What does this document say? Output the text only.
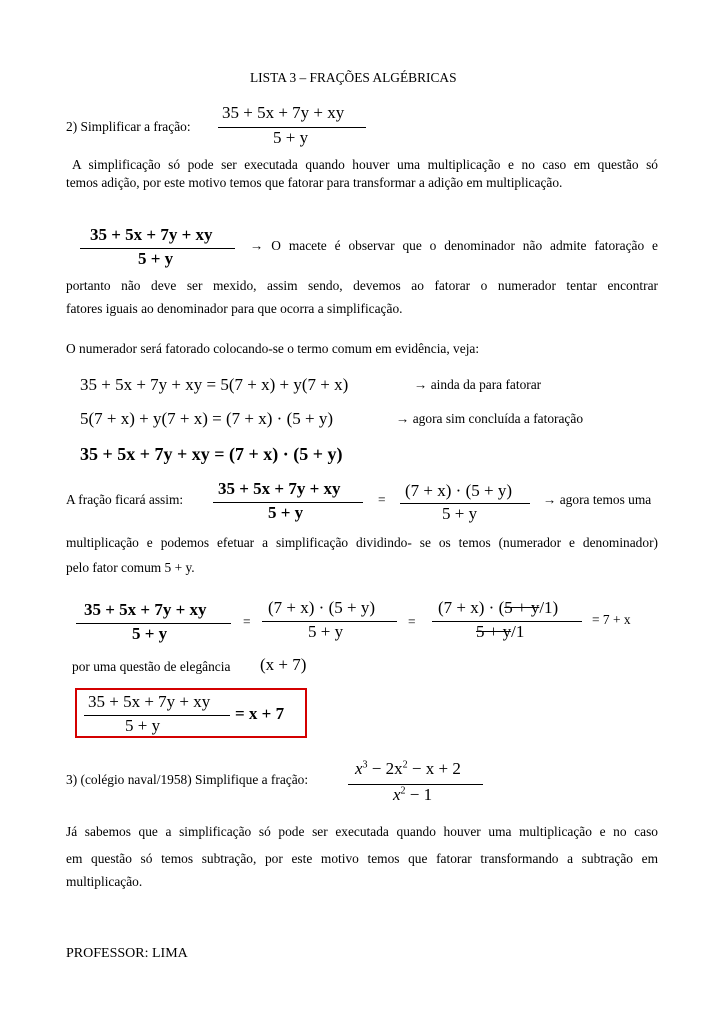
LISTA 3 – FRAÇÕES ALGÉBRICAS
2) Simplificar a fração:
35 + 5x + 7y + xy
5 + y
A simplificação só pode ser executada quando houver uma multiplicação e no caso em questão só
temos adição, por este motivo temos que fatorar para transformar a adição em multiplicação.
35 + 5x + 7y + xy
5 + y
→ O macete é observar que o denominador não admite fatoração e
portanto não deve ser mexido, assim sendo, devemos ao fatorar o numerador tentar encontrar
fatores iguais ao denominador para que ocorra a simplificação.
O numerador será fatorado colocando-se o termo comum em evidência, veja:
35 + 5x + 7y + xy = 5(7 + x) + y(7 + x)	→ ainda da para fatorar
5(7 + x) + y(7 + x) = (7 + x) · (5 + y)	→ agora sim concluída a fatoração
35 + 5x + 7y + xy = (7 + x) · (5 + y)
A fração ficará assim:
35 + 5x + 7y + xy
5 + y
= (7 + x) · (5 + y)
5 + y
→ agora temos uma
multiplicação e podemos efetuar a simplificação dividindo- se os temos (numerador e denominador)
pelo fator comum 5 + y.
35 + 5x + 7y + xy
5 + y
=
(7 + x) · (5 + y)
5 + y
=
(7 + x) · (5 + y/1)
5 + y/1
= 7 + x
por uma questão de elegância (x + 7)
35 + 5x + 7y + xy
5 + y
= x + 7
3) (colégio naval/1958) Simplifique a fração:
$x^3 - 2x^2 - x + 2$
$x^2 - 1$
Já sabemos que a simplificação só pode ser executada quando houver uma multiplicação e no caso
em questão só temos subtração, por este motivo temos que fatorar transformando a subtração em
multiplicação.
PROFESSOR: LIMA
